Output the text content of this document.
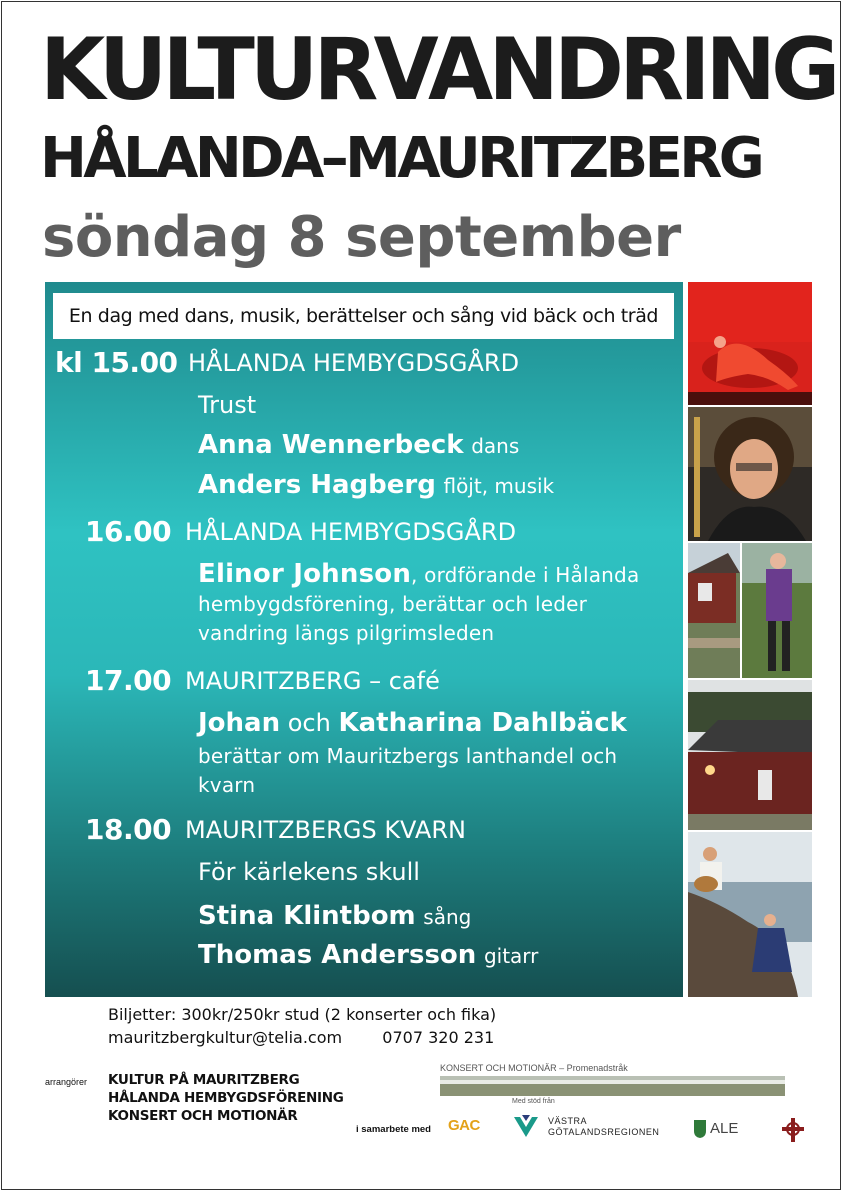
KULTURVANDRING
HÅLANDA–MAURITZBERG
söndag 8 september
En dag med dans, musik, berättelser och sång vid bäck och träd
kl 15.00 HÅLANDA HEMBYGDSGÅRD
Trust
Anna Wennerbeck dans
Anders Hagberg flöjt, musik
16.00 HÅLANDA HEMBYGDSGÅRD
Elinor Johnson, ordförande i Hålanda
hembygdsförening, berättar och leder
vandring längs pilgrimsleden
17.00 MAURITZBERG – café
Johan och Katharina Dahlbäck
berättar om Mauritzbergs lanthandel och
kvarn
18.00 MAURITZBERGS KVARN
För kärlekens skull
Stina Klintbom sång
Thomas Andersson gitarr
Biljetter: 300kr/250kr stud (2 konserter och fika)
mauritzbergkultur@telia.com	0707 320 231
arrangörer KULTUR PÅ MAURITZBERG
HÅLANDA HEMBYGDSFÖRENING
KONSERT OCH MOTIONÄR
KONSERT OCH MOTIONÄR – Promenadstråk
i samarbete med GAC
Med stöd från
VÄSTRA
GÖTALANDSREGIONEN	ALE
